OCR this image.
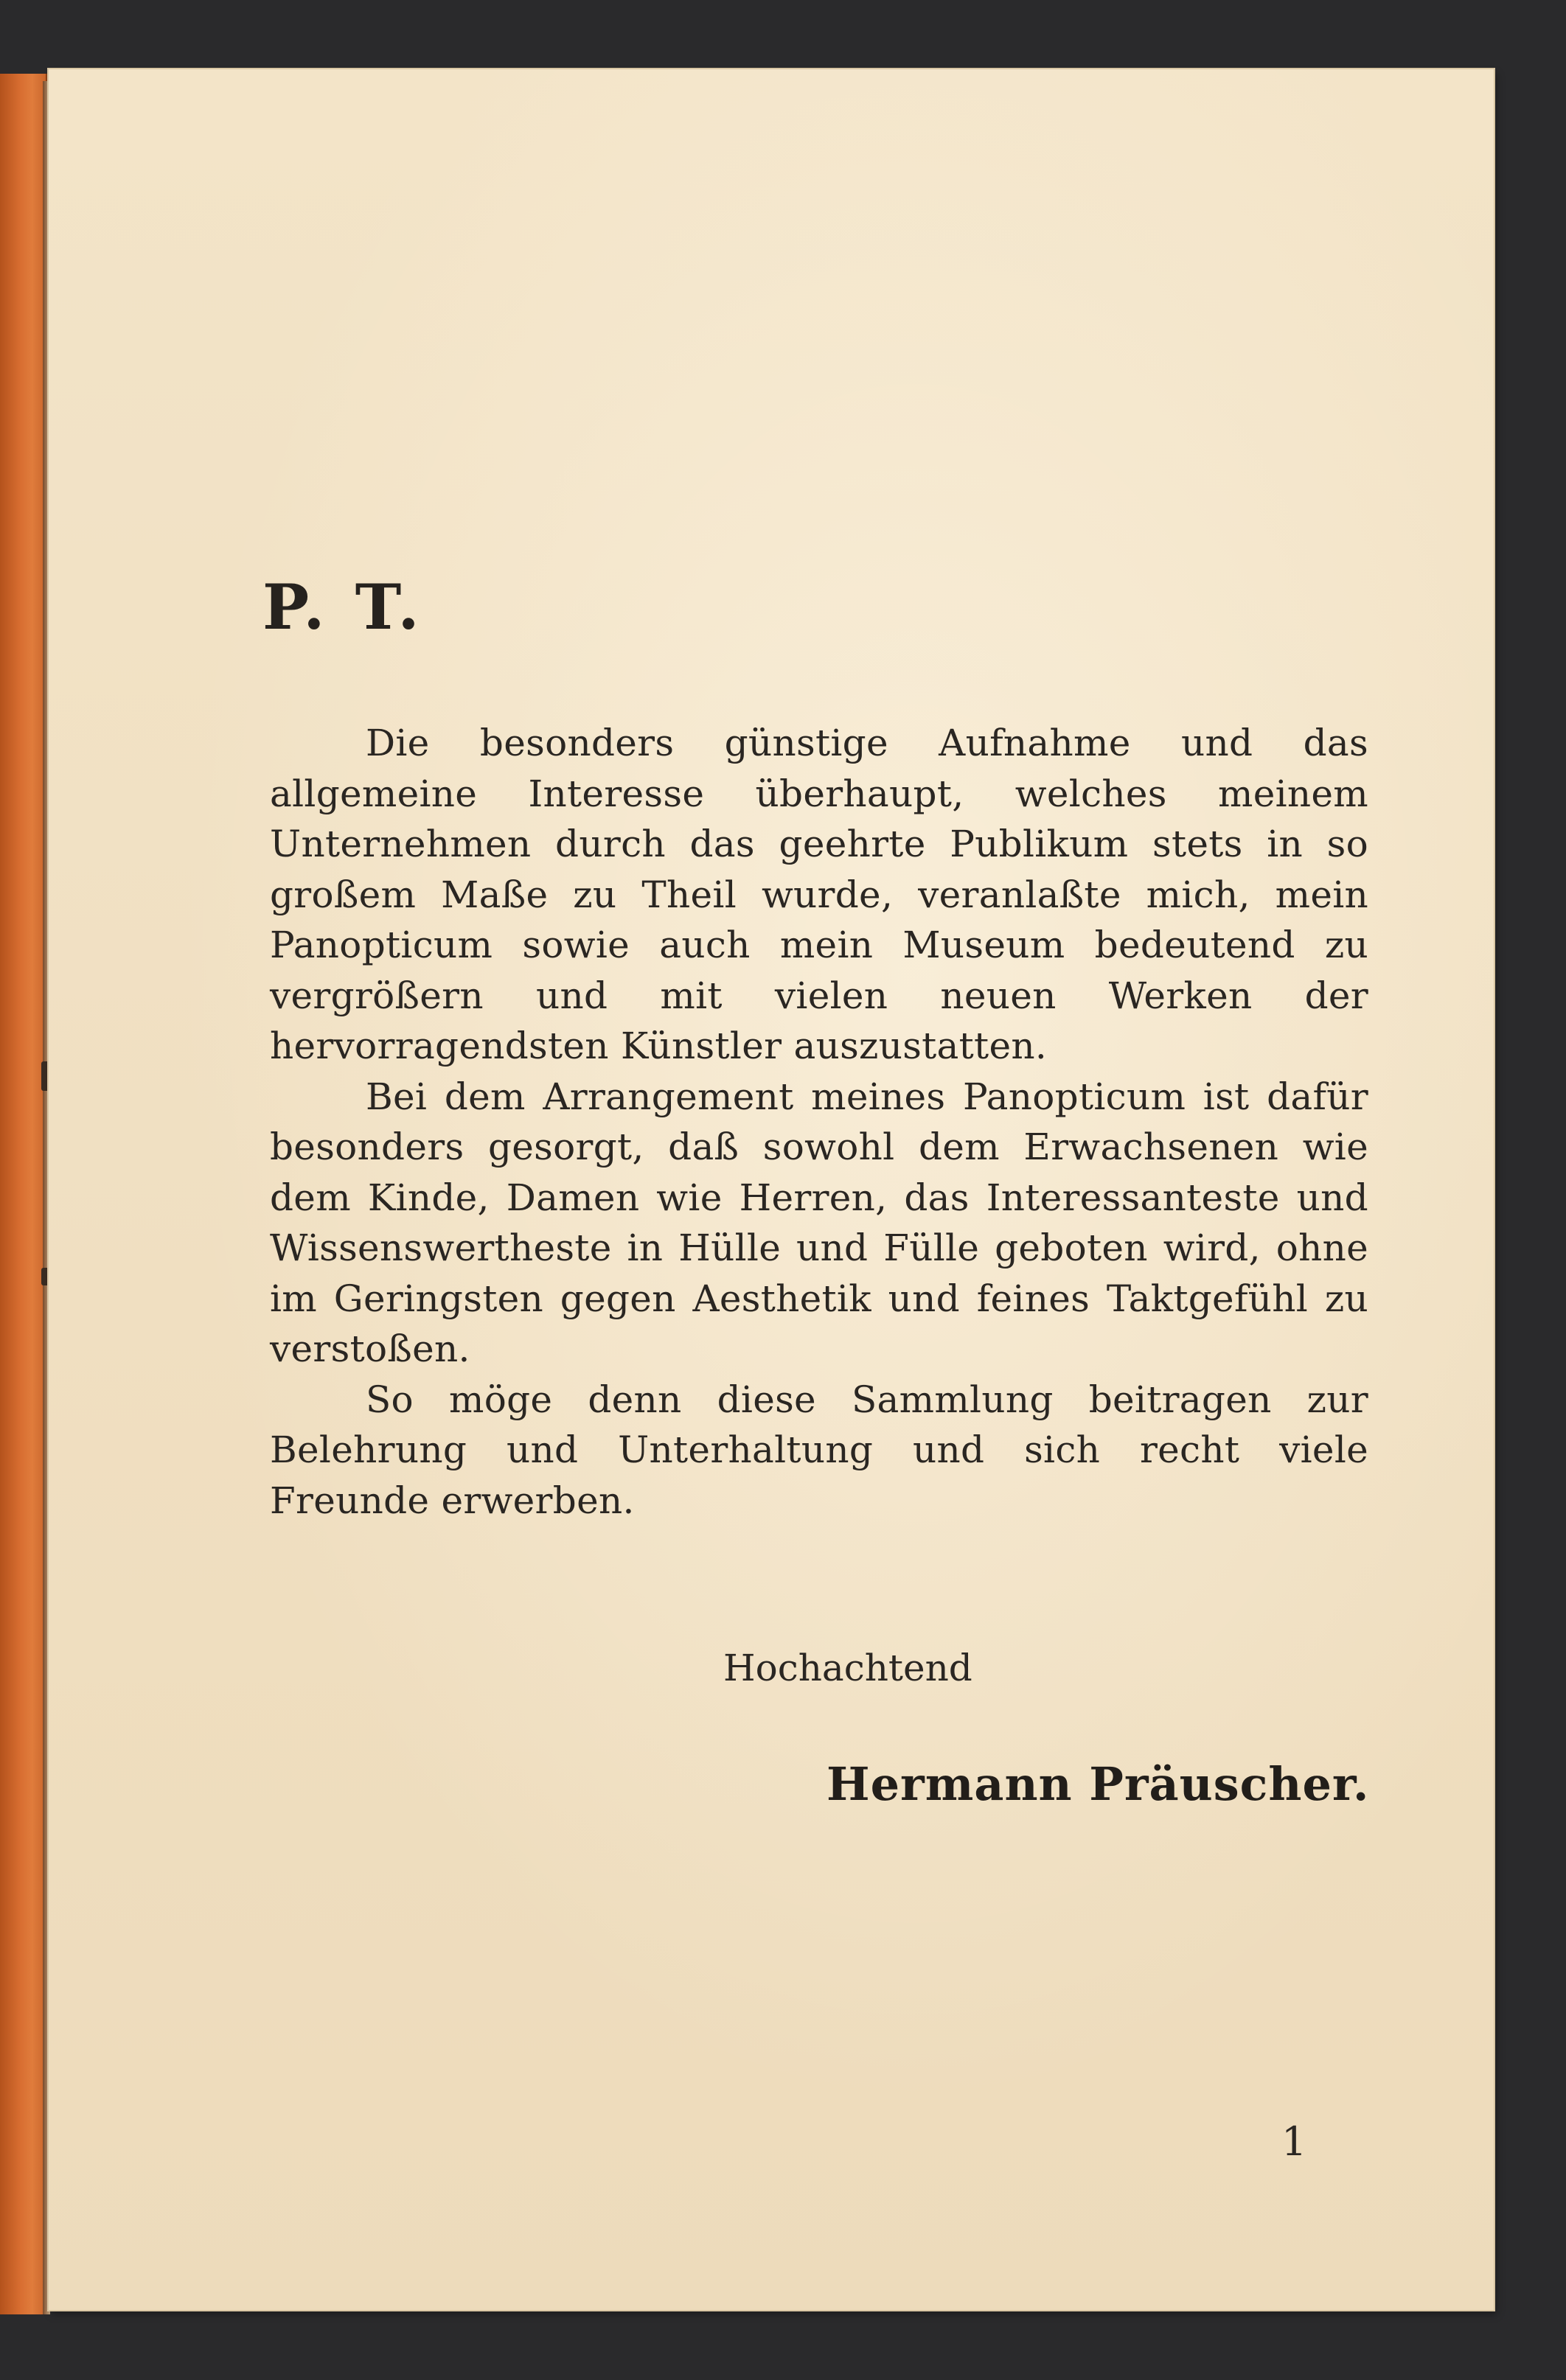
P. T.

Die besonders günstige Aufnahme und das allgemeine Interesse überhaupt, welches meinem Unternehmen durch das geehrte Publikum stets in so großem Maße zu Theil wurde, veranlaßte mich, mein Panopticum sowie auch mein Museum bedeutend zu vergrößern und mit vielen neuen Werken der hervorragendsten Künstler auszustatten.

Bei dem Arrangement meines Panopticum ist dafür besonders gesorgt, daß sowohl dem Erwachsenen wie dem Kinde, Damen wie Herren, das Interessanteste und Wissenswertheste in Hülle und Fülle geboten wird, ohne im Geringsten gegen Aesthetik und feines Taktgefühl zu verstoßen.

So möge denn diese Sammlung beitragen zur Belehrung und Unterhaltung und sich recht viele Freunde erwerben.

Hochachtend

Hermann Präuscher.

1
